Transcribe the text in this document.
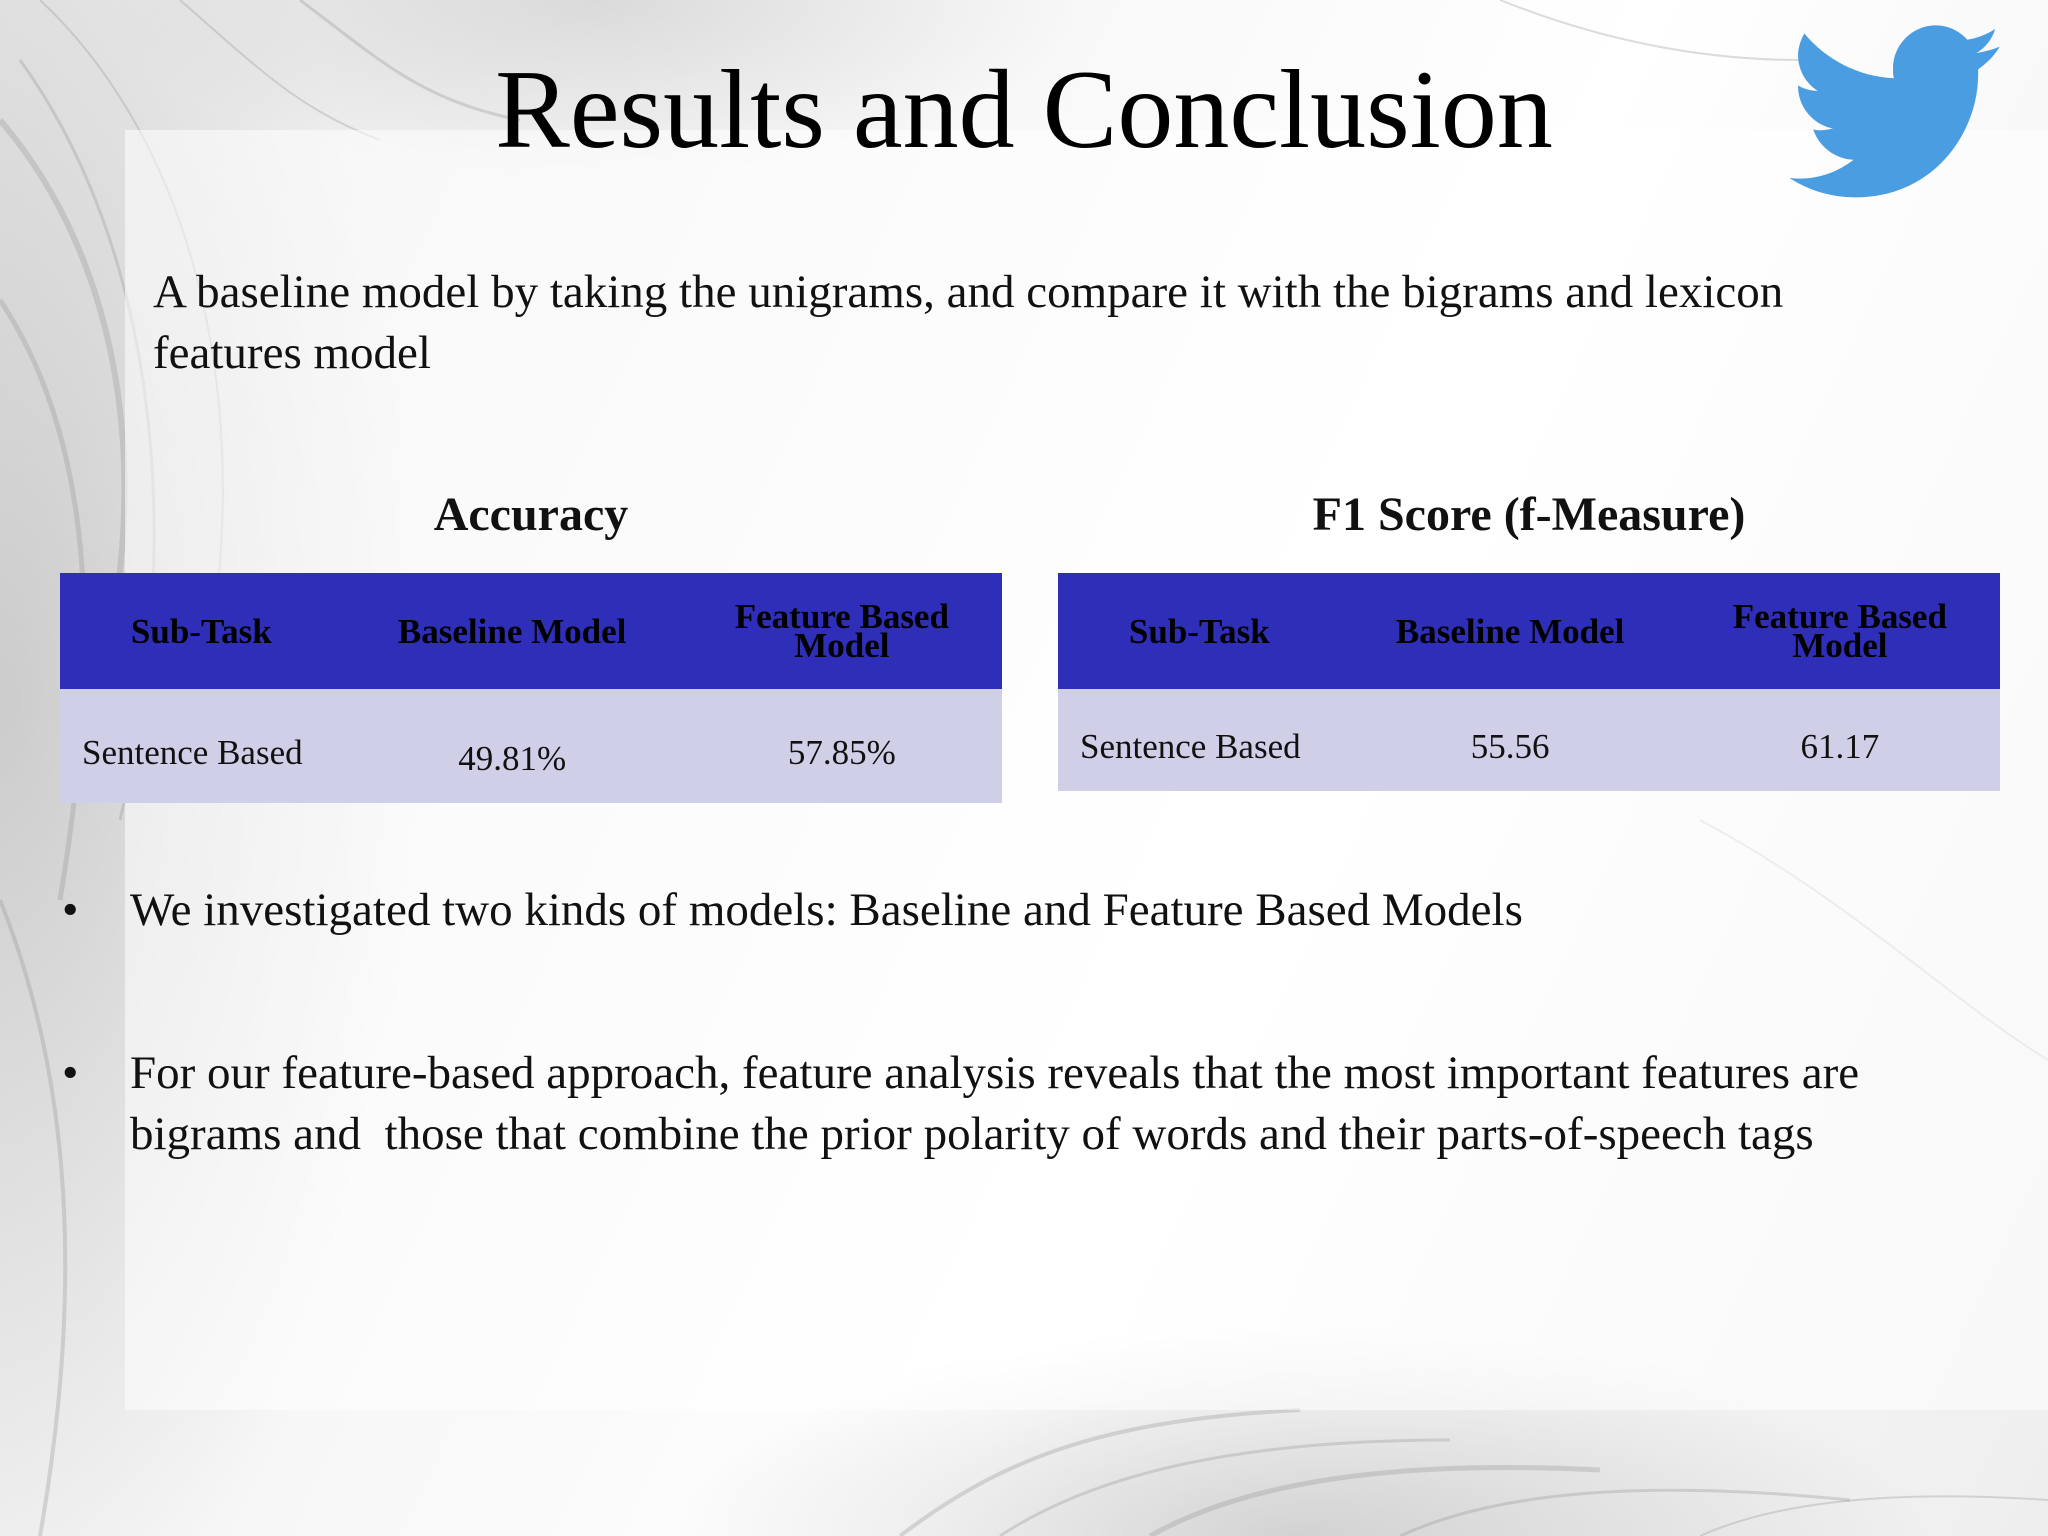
Results and Conclusion
A baseline model by taking the unigrams, and compare it with the bigrams and lexicon features model
Accuracy	F1 Score (f-Measure)
Sub-Task	Baseline Model	Feature Based Model
Sentence Based	49.81%	57.85%
Sub-Task	Baseline Model	Feature Based Model
Sentence Based	55.56	61.17
• We investigated two kinds of models: Baseline and Feature Based Models
• For our feature-based approach, feature analysis reveals that the most important features are bigrams and  those that combine the prior polarity of words and their parts-of-speech tags
